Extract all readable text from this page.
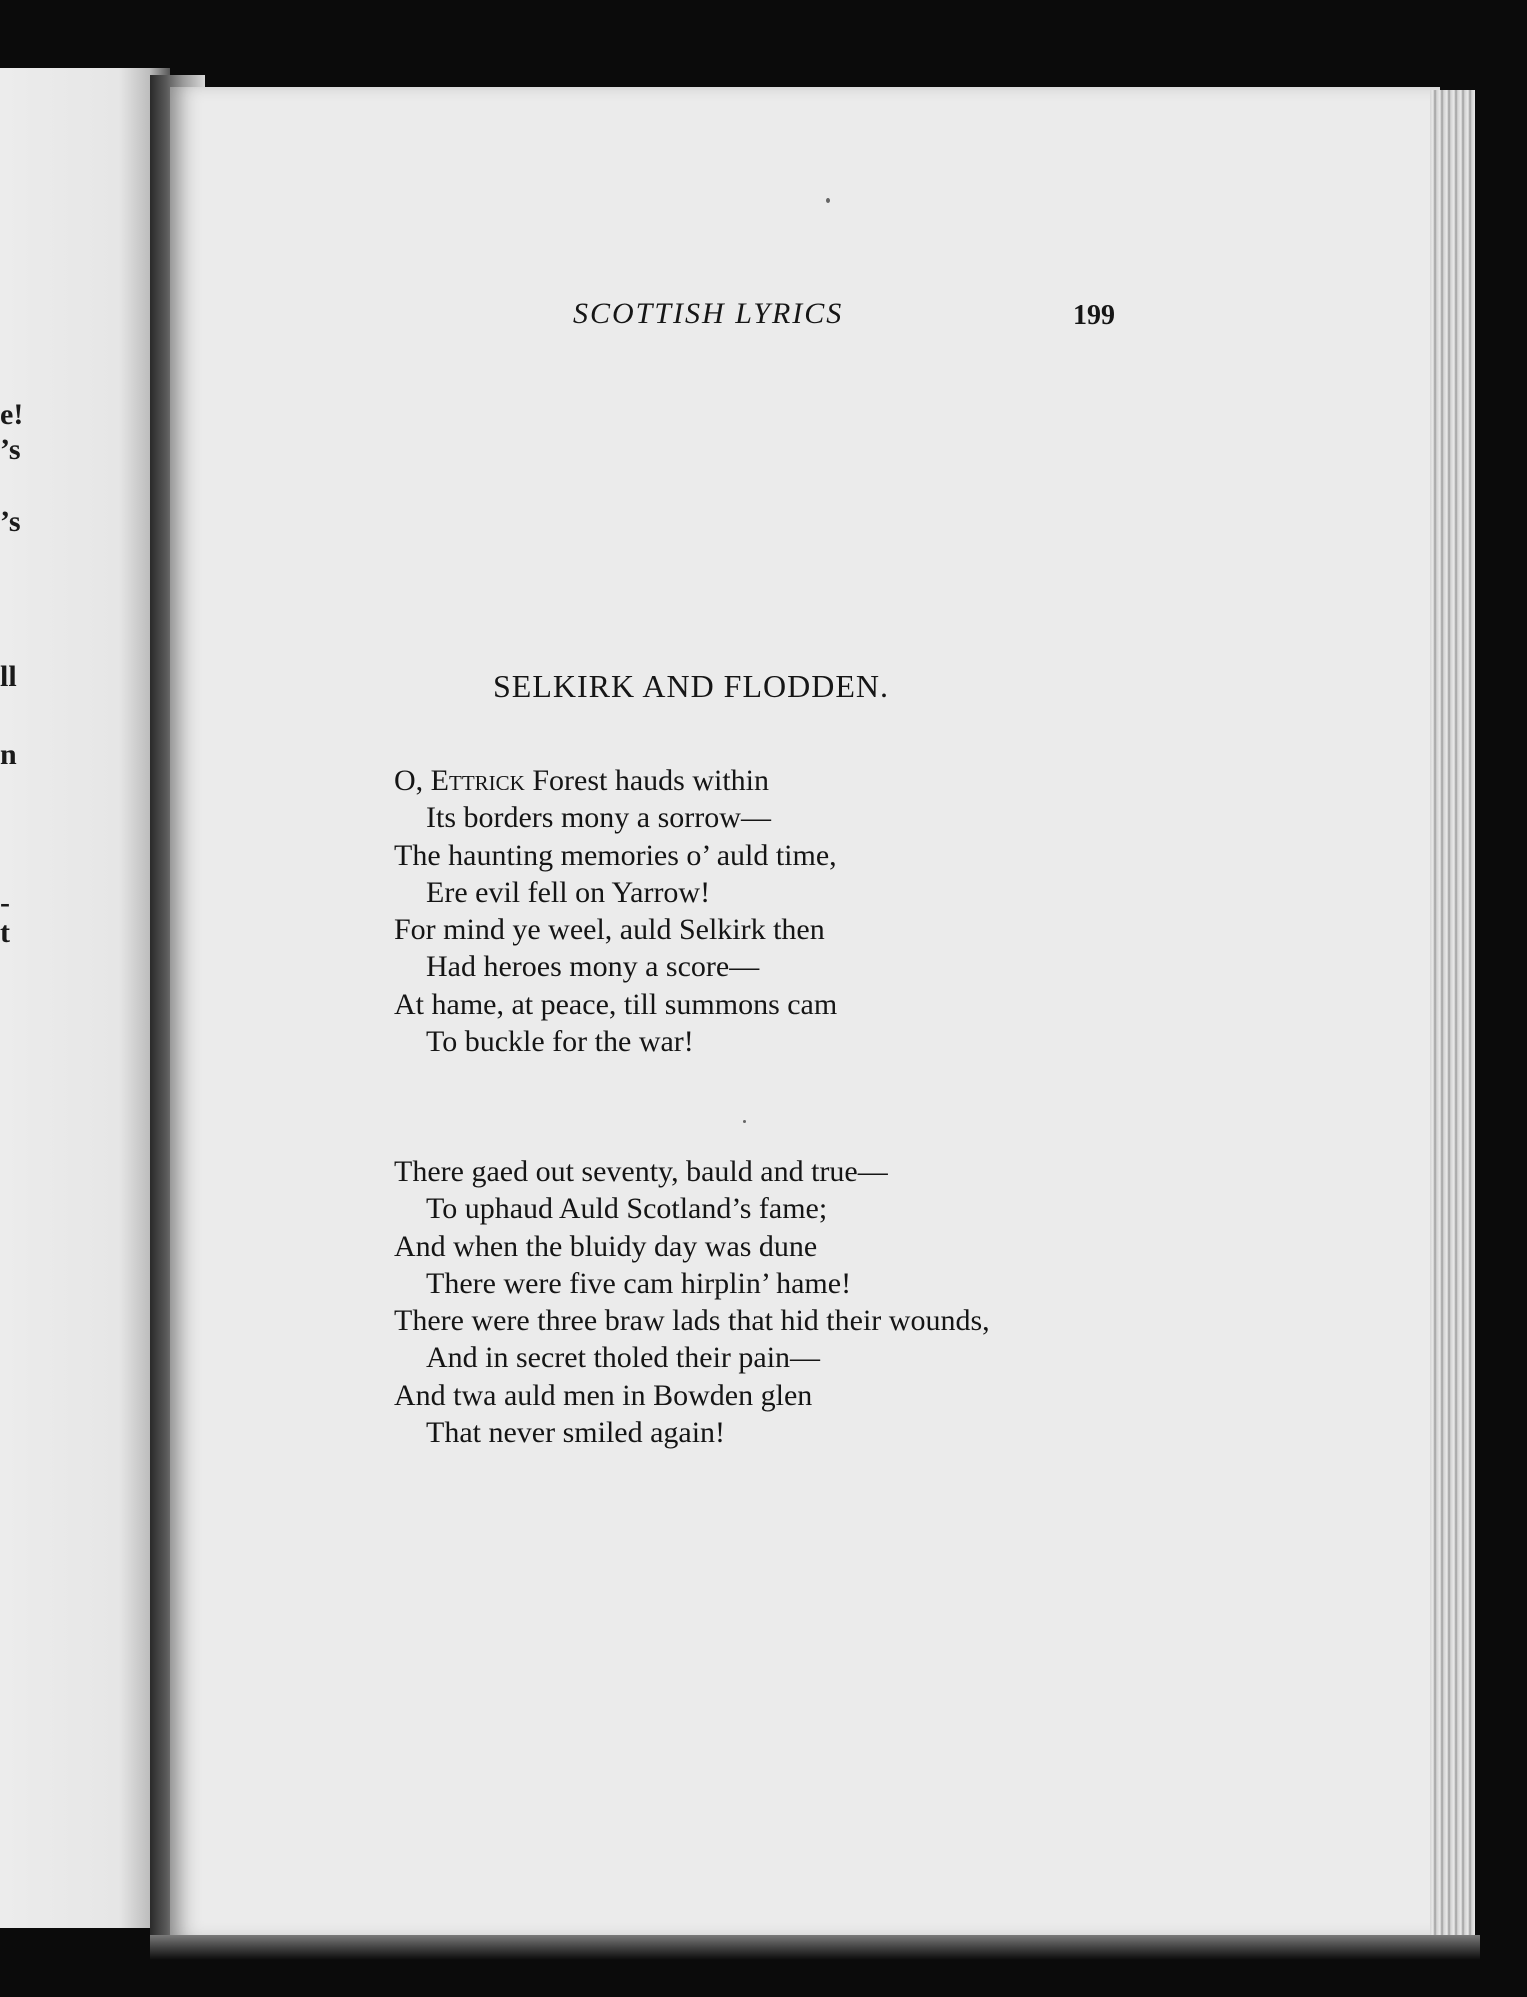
e!
’s
’s
ll
n
-
t
SCOTTISH LYRICS	199
SELKIRK AND FLODDEN.
O, Ettrick Forest hauds within
Its borders mony a sorrow—
The haunting memories o’ auld time,
Ere evil fell on Yarrow!
For mind ye weel, auld Selkirk then
Had heroes mony a score—
At hame, at peace, till summons cam
To buckle for the war!
There gaed out seventy, bauld and true—
To uphaud Auld Scotland’s fame;
And when the bluidy day was dune
There were five cam hirplin’ hame!
There were three braw lads that hid their wounds,
And in secret tholed their pain—
And twa auld men in Bowden glen
That never smiled again!
